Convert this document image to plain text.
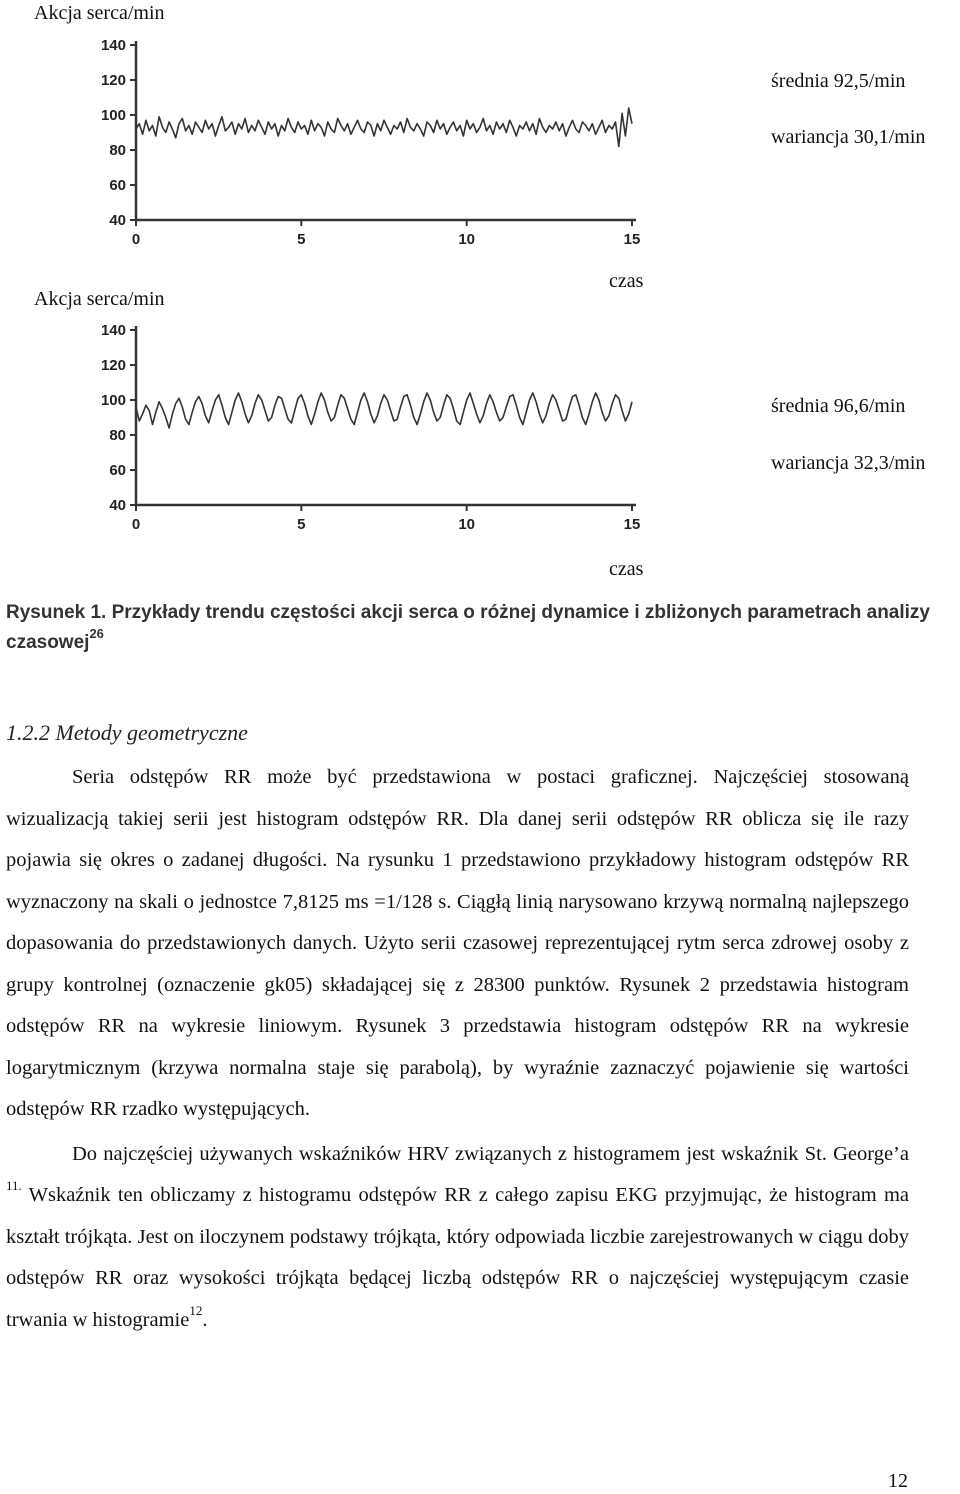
Akcja serca/min
średnia 92,5/min
wariancja 30,1/min
140
120
100
80
60
40
0	5	10	15
czas
Akcja serca/min
średnia 96,6/min
wariancja 32,3/min
140
120
100
80
60
40
0	5	10	15
czas
Rysunek 1. Przykłady trendu częstości akcji serca o różnej dynamice i zbliżonych parametrach analizy czasowej$^{26}$
1.2.2 Metody geometryczne

Seria odstępów RR może być przedstawiona w postaci graficznej. Najczęściej stosowaną wizualizacją takiej serii jest histogram odstępów RR. Dla danej serii odstępów RR oblicza się ile razy pojawia się okres o zadanej długości. Na rysunku 1 przedstawiono przykładowy histogram odstępów RR wyznaczony na skali o jednostce 7,8125 ms =1/128 s. Ciągłą linią narysowano krzywą normalną najlepszego dopasowania do przedstawionych danych. Użyto serii czasowej reprezentującej rytm serca zdrowej osoby z grupy kontrolnej (oznaczenie gk05) składającej się z 28300 punktów. Rysunek 2 przedstawia histogram odstępów RR na wykresie liniowym. Rysunek 3 przedstawia histogram odstępów RR na wykresie logarytmicznym (krzywa normalna staje się parabolą), by wyraźnie zaznaczyć pojawienie się wartości odstępów RR rzadko występujących.

Do najczęściej używanych wskaźników HRV związanych z histogramem jest wskaźnik St. George’a $^{11.}$ Wskaźnik ten obliczamy z histogramu odstępów RR z całego zapisu EKG przyjmując, że histogram ma kształt trójkąta. Jest on iloczynem podstawy trójkąta, który odpowiada liczbie zarejestrowanych w ciągu doby odstępów RR oraz wysokości trójkąta będącej liczbą odstępów RR o najczęściej występującym czasie trwania w histogramie$^{12}$.

12
